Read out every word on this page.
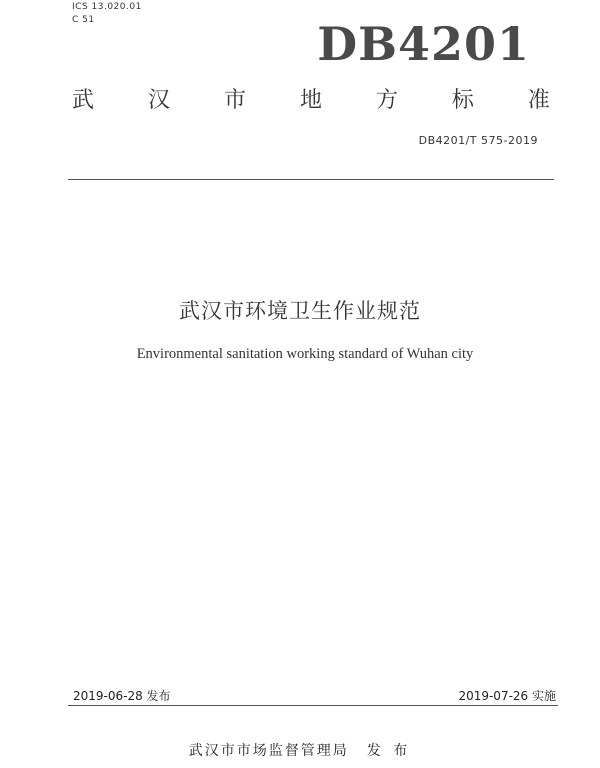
ICS 13.020.01
C 51	DB4201
武 汉 市 地 方 标 准
DB4201/T 575-2019
武汉市环境卫生作业规范
Environmental sanitation working standard of Wuhan city
2019-06-28 发布	2019-07-26 实施
武汉市市场监督管理局 发 布
